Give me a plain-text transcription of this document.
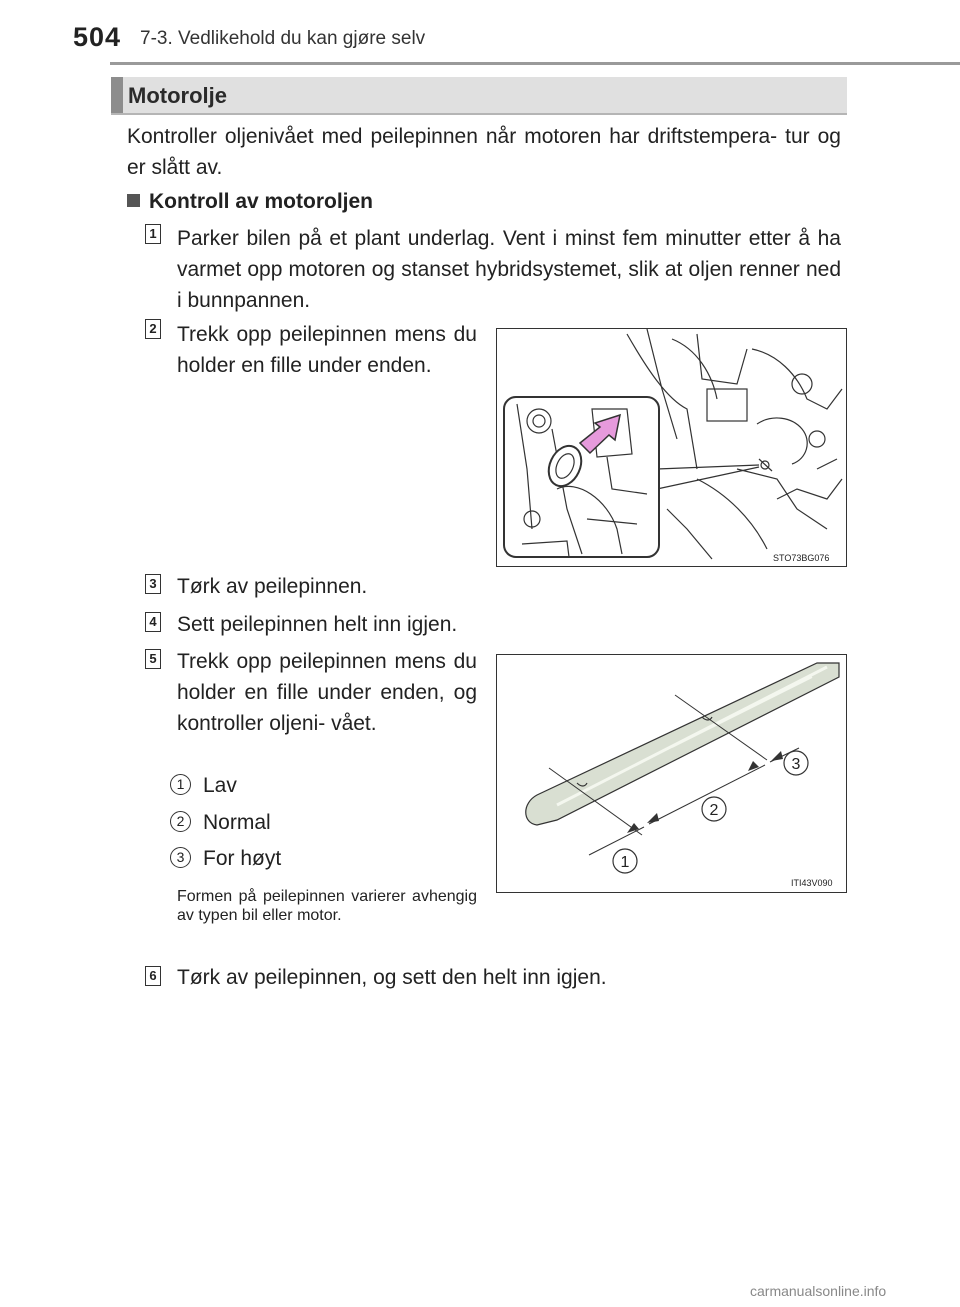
504 7-3. Vedlikehold du kan gjøre selv
Motorolje
Kontroller oljenivået med peilepinnen når motoren har driftstempera- tur og er slått av.
Kontroll av motoroljen
1 Parker bilen på et plant underlag. Vent i minst fem minutter etter å ha varmet opp motoren og stanset hybridsystemet, slik at oljen renner ned i bunnpannen.
2 Trekk opp peilepinnen mens du holder en fille under enden.
STO73BG076
3 Tørk av peilepinnen.
4 Sett peilepinnen helt inn igjen.
5 Trekk opp peilepinnen mens du holder en fille under enden, og kontroller oljeni- vået.
1 Lav
2 Normal
3 For høyt
Formen på peilepinnen varierer avhengig av typen bil eller motor.
1
2
3
ITI43V090
6 Tørk av peilepinnen, og sett den helt inn igjen.
carmanualsonline.info
